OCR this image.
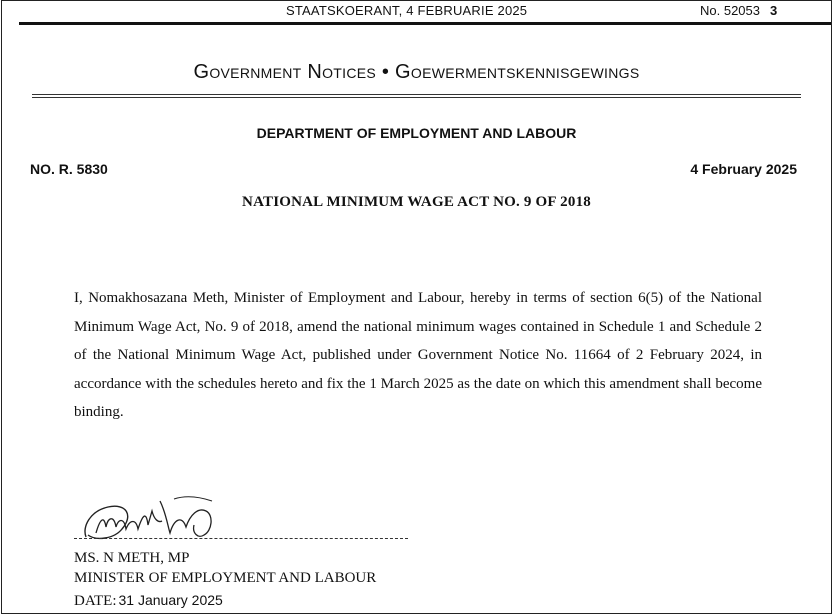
STAATSKOERANT, 4 FEBRUARIE 2025	No. 52053 3
Government Notices • Goewermentskennisgewings
DEPARTMENT OF EMPLOYMENT AND LABOUR
NO. R. 5830	4 February 2025
NATIONAL MINIMUM WAGE ACT NO. 9 OF 2018

I, Nomakhosazana Meth, Minister of Employment and Labour, hereby in terms of section 6(5) of the National Minimum Wage Act, No. 9 of 2018, amend the national minimum wages contained in Schedule 1 and Schedule 2 of the National Minimum Wage Act, published under Government Notice No. 11664 of 2 February 2024, in accordance with the schedules hereto and fix the 1 March 2025 as the date on which this amendment shall become binding.

MS. N METH, MP
MINISTER OF EMPLOYMENT AND LABOUR
DATE: 31 January 2025
